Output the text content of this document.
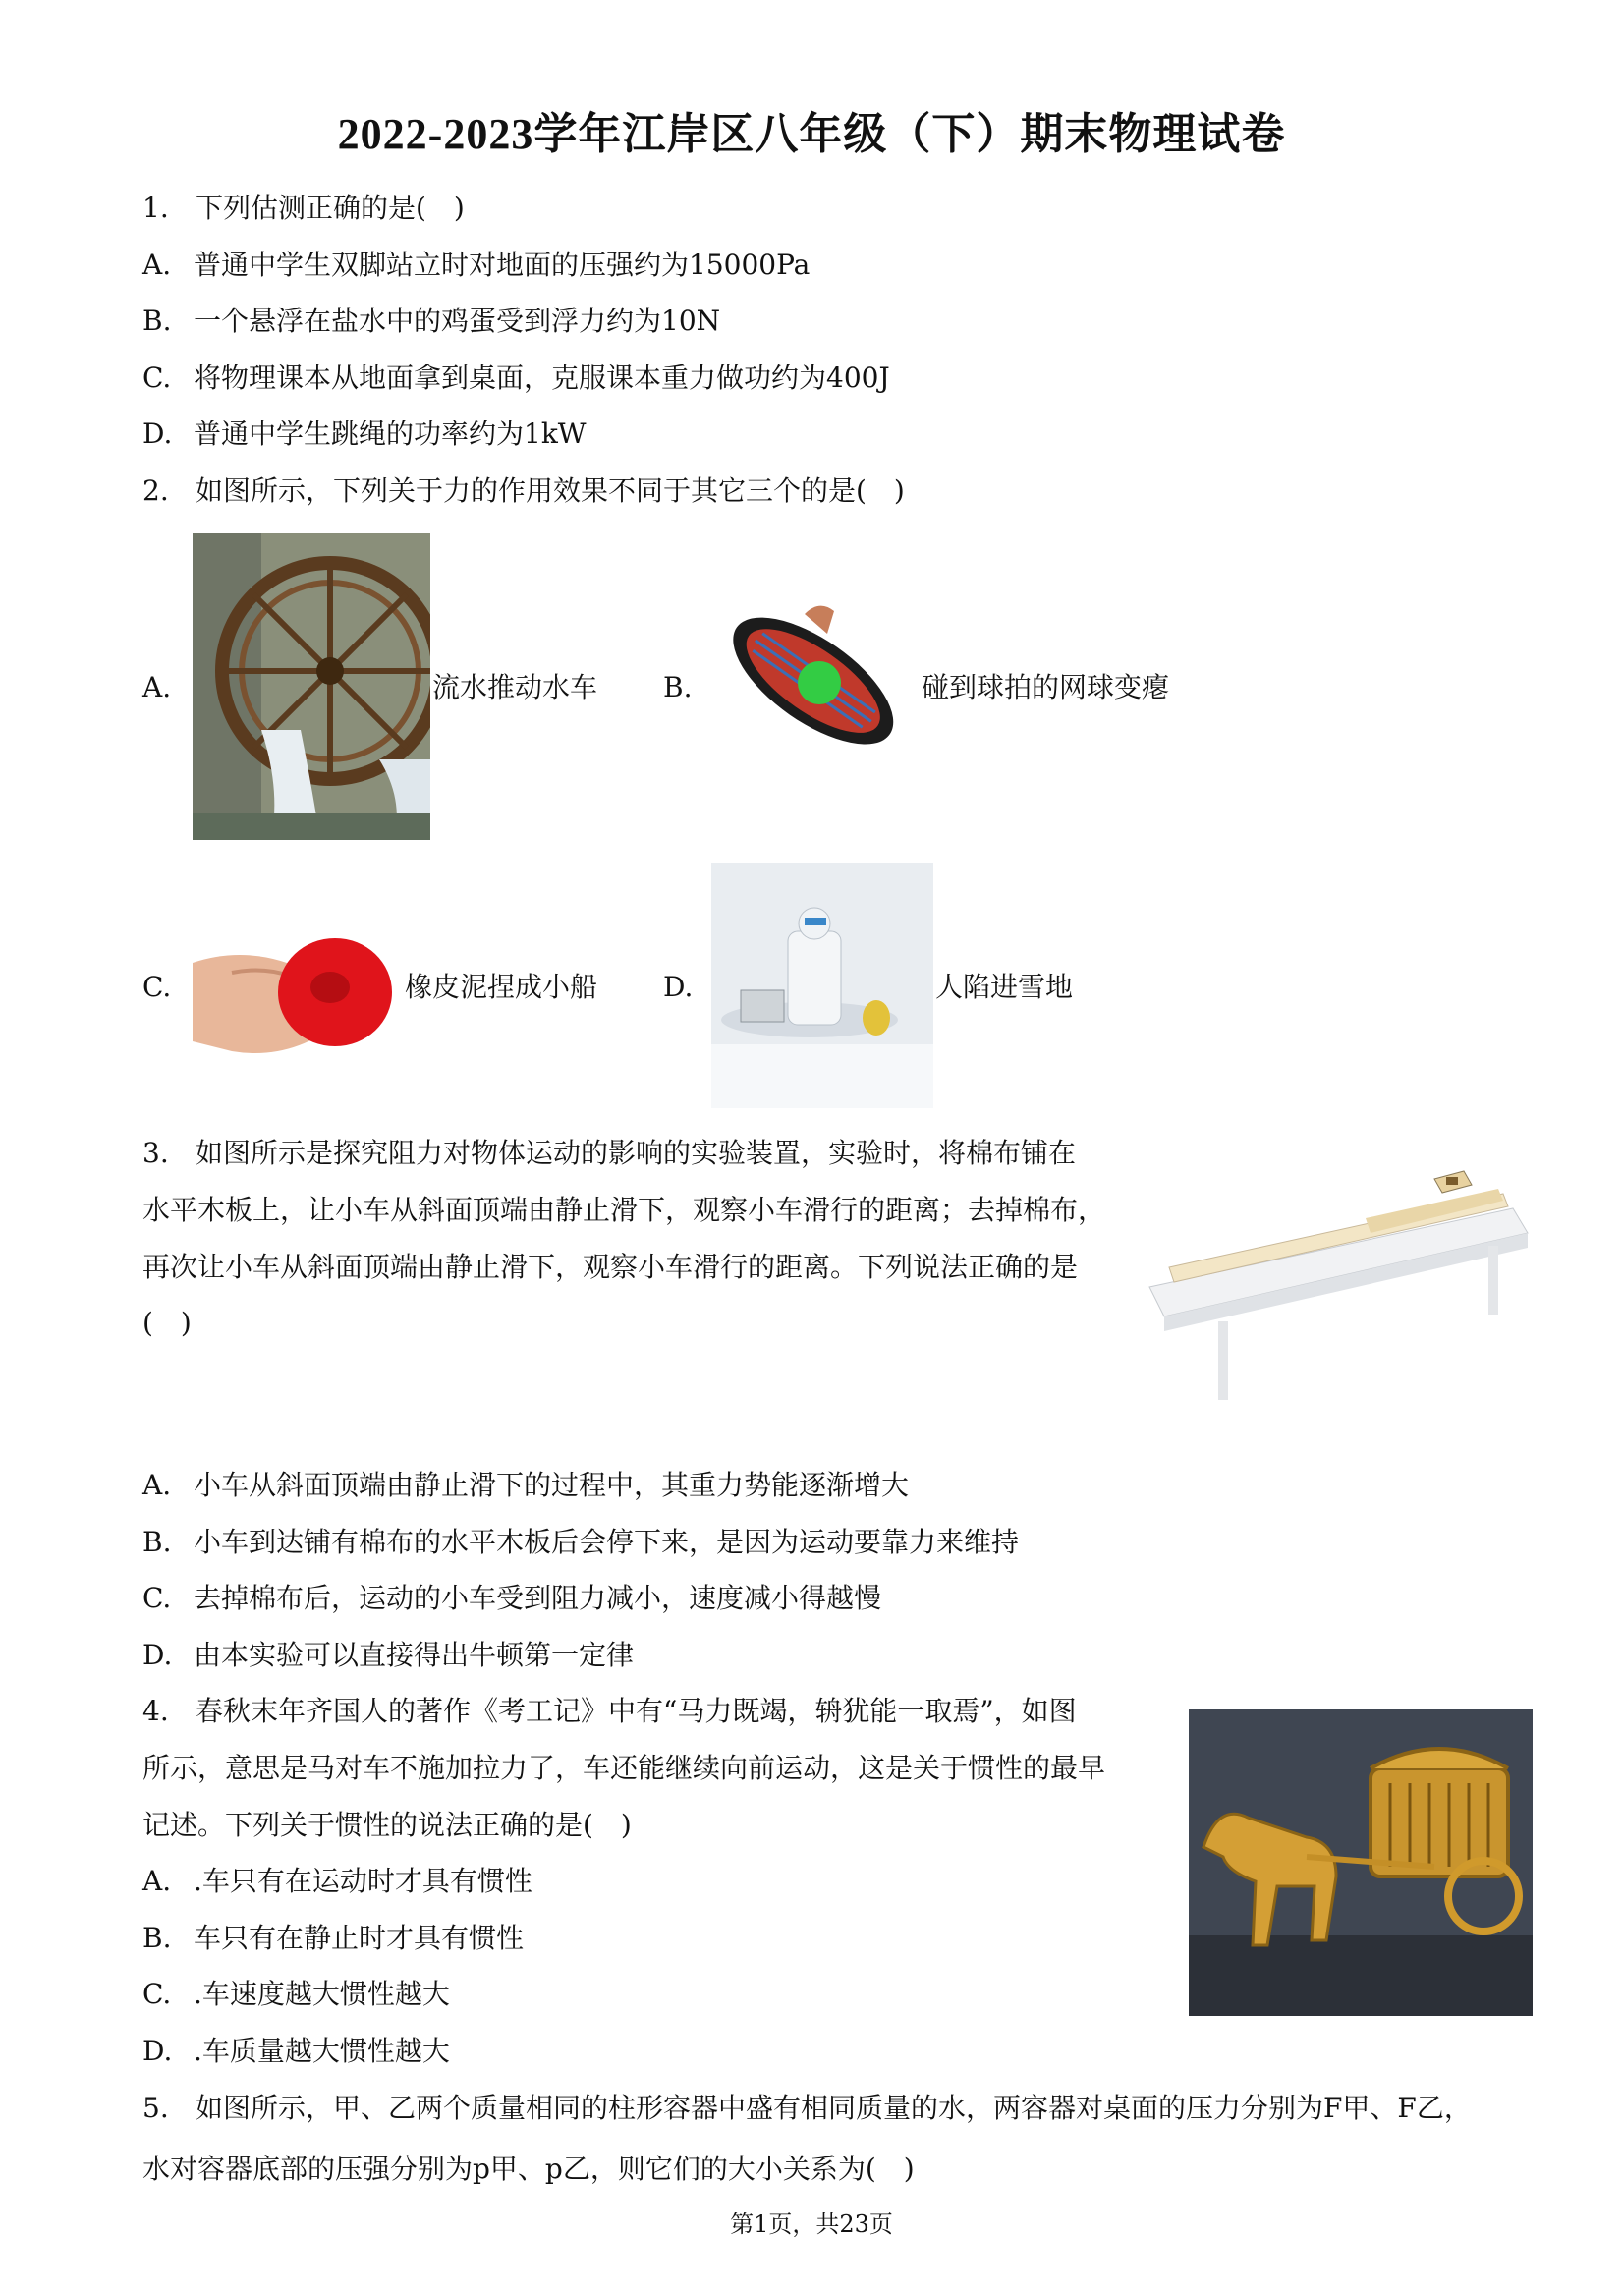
2022-2023学年江岸区八年级（下）期末物理试卷
1. 下列估测正确的是(　)
A. 普通中学生双脚站立时对地面的压强约为15000Pa
B. 一个悬浮在盐水中的鸡蛋受到浮力约为10N
C. 将物理课本从地面拿到桌面，克服课本重力做功约为400J
D. 普通中学生跳绳的功率约为1kW
2. 如图所示，下列关于力的作用效果不同于其它三个的是(　)
A.	流水推动水车 B.	碰到球拍的网球变瘪
C.	橡皮泥捏成小船 D.	人陷进雪地
3. 如图所示是探究阻力对物体运动的影响的实验装置，实验时，将棉布铺在
水平木板上，让小车从斜面顶端由静止滑下，观察小车滑行的距离；去掉棉布，
再次让小车从斜面顶端由静止滑下，观察小车滑行的距离。下列说法正确的是
(　)
A. 小车从斜面顶端由静止滑下的过程中，其重力势能逐渐增大
B. 小车到达铺有棉布的水平木板后会停下来，是因为运动要靠力来维持
C. 去掉棉布后，运动的小车受到阻力减小，速度减小得越慢
D. 由本实验可以直接得出牛顿第一定律
4. 春秋末年齐国人的著作《考工记》中有“马力既竭，辀犹能一取焉”，如图
所示，意思是马对车不施加拉力了，车还能继续向前运动，这是关于惯性的最早
记述。下列关于惯性的说法正确的是(　)
A. .车只有在运动时才具有惯性
B. 车只有在静止时才具有惯性
C. .车速度越大惯性越大
D. .车质量越大惯性越大
5. 如图所示，甲、乙两个质量相同的柱形容器中盛有相同质量的水，两容器对桌面的压力分别为F甲、F乙，
水对容器底部的压强分别为p甲、p乙，则它们的大小关系为(　)
第1页，共23页
